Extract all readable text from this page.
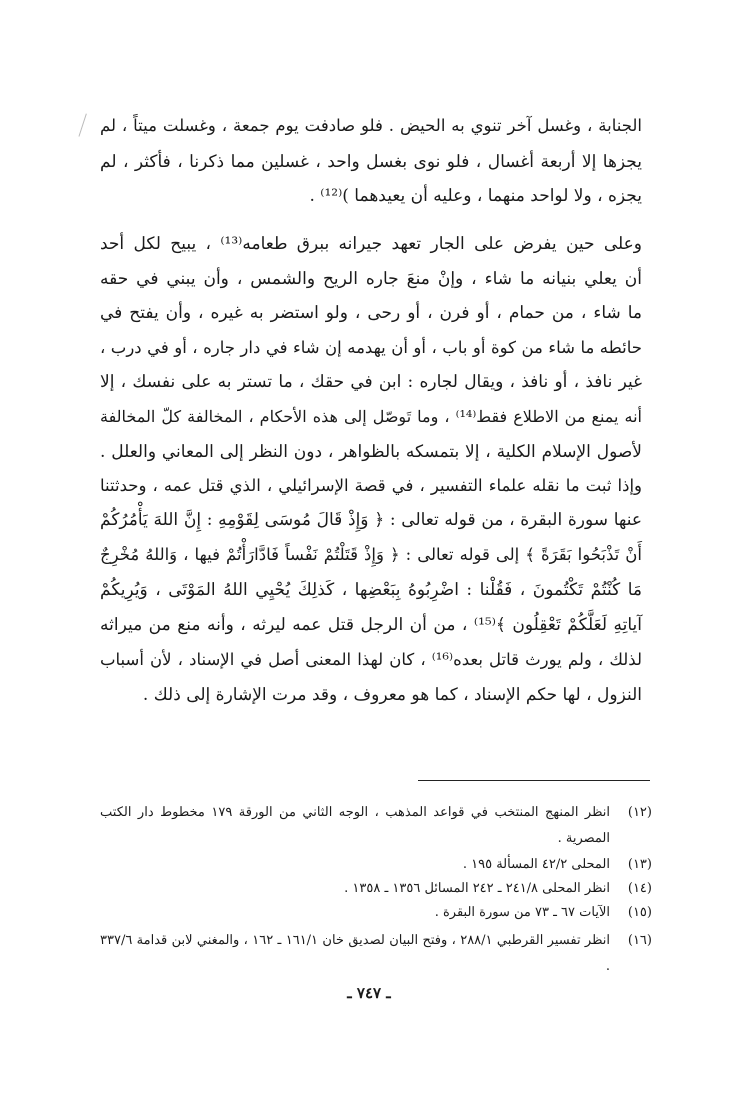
الجنابة ، وغسل آخر تنوي به الحيض . فلو صادفت يوم جمعة ، وغسلت ميتاً ، لم
يجزها إلا أربعة أغسال ، فلو نوى بغسل واحد ، غسلين مما ذكرنا ، فأكثر ، لم
يجزه ، ولا لواحد منهما ، وعليه أن يعيدهما )⁽¹²⁾ .
وعلى حين يفرض على الجار تعهد جيرانه ببرق طعامه⁽¹³⁾ ، يبيح لكل أحد
أن يعلي بنيانه ما شاء ، وإنْ منعَ جاره الريح والشمس ، وأن يبني في حقه
ما شاء ، من حمام ، أو فرن ، أو رحى ، ولو استضر به غيره ، وأن يفتح في
حائطه ما شاء من كوة أو باب ، أو أن يهدمه إن شاء في دار جاره ، أو في درب ،
غير نافذ ، أو نافذ ، ويقال لجاره : ابن في حقك ، ما تستر به على نفسك ، إلا
أنه يمنع من الاطلاع فقط⁽¹⁴⁾ ، وما تَوصّل إلى هذه الأحكام ، المخالفة كلّ المخالفة
لأصول الإسلام الكلية ، إلا بتمسكه بالظواهر ، دون النظر إلى المعاني والعلل .
وإذا ثبت ما نقله علماء التفسير ، في قصة الإسرائيلي ، الذي قتل عمه ، وحدثتنا
عنها سورة البقرة ، من قوله تعالى : ﴿ وَإِذْ قَالَ مُوسَى لِقَوْمِهِ : إِنَّ اللهَ يَأْمُرُكُمْ
أَنْ تَذْبَحُوا بَقَرَةً ﴾ إلى قوله تعالى : ﴿ وَإِذْ قَتَلْتُمْ نَفْساً فَادَّارَأْتُمْ فيها ، وَاللهُ مُخْرِجٌ
مَا كُنْتُمْ تَكْتُمونَ ، فَقُلْنا : اضْرِبُوهُ بِبَعْضِها ، كَذلِكَ يُحْيِي اللهُ المَوْتَى ، وَيُرِيكُمْ
آياتِهِ لَعَلَّكُمْ تَعْقِلُون ﴾⁽¹⁵⁾ ، من أن الرجل قتل عمه ليرثه ، وأنه منع من ميراثه
لذلك ، ولم يورث قاتل بعده⁽¹⁶⁾ ، كان لهذا المعنى أصل في الإسناد ، لأن أسباب
النزول ، لها حكم الإسناد ، كما هو معروف ، وقد مرت الإشارة إلى ذلك .
(١٢)
انظر المنهج المنتخب في قواعد المذهب ، الوجه الثاني من الورقة ١٧٩ مخطوط دار الكتب المصرية .
(١٣)
المحلى ٤٢/٢ المسألة ١٩٥ .
(١٤)
انظر المحلى ٢٤١/٨ ـ ٢٤٢ المسائل ١٣٥٦ ـ ١٣٥٨ .
(١٥)
الآيات ٦٧ ـ ٧٣ من سورة البقرة .
(١٦)
انظر تفسير القرطبي ٢٨٨/١ ، وفتح البيان لصديق خان ١٦١/١ ـ ١٦٢ ، والمغني لابن قدامة ٣٣٧/٦ .
ـ ٧٤٧ ـ
